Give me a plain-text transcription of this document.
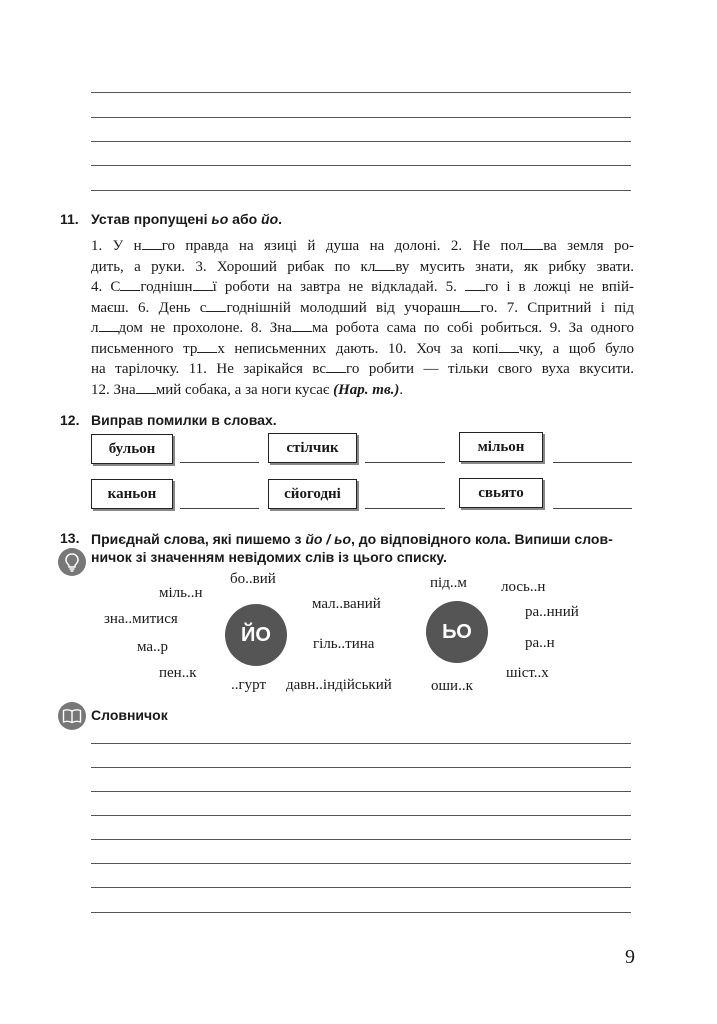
11. Устав пропущені ьо або йо.
1. У н го правда на язиці й душа на долоні. 2. Не пол ва земля ро-
дить, а руки. 3. Хороший рибак по кл ву мусить знати, як рибку звати.
4. С годнішн ї роботи на завтра не відкладай. 5. го і в ложці не впій-
маєш. 6. День с годнішній молодший від учорашн го. 7. Спритний і під
л дом не прохолоне. 8. Зна ма робота сама по собі робиться. 9. За одного
письменного тр х неписьменних дають. 10. Хоч за копі чку, а щоб було
на тарілочку. 11. Не зарікайся вс го робити — тільки свого вуха вкусити.
12. Зна мий собака, а за ноги кусає (Нар. тв.).
12. Виправ помилки в словах.
бульон	стілчик	мільон
каньон	сйогодні	свьято
13. Приєднай слова, які пишемо з йо / ьо, до відповідного кола. Випиши слов-
ничок зі значенням невідомих слів із цього списку.
ЙО	ЬО
міль..н
бо..вий
зна..митися
ма..р
пен..к
..гурт
мал..ваний
гіль..тина
давн..індійський
під..м лось..н
ра..нний
ра..н
шіст..х
оши..к
Словничок
9
